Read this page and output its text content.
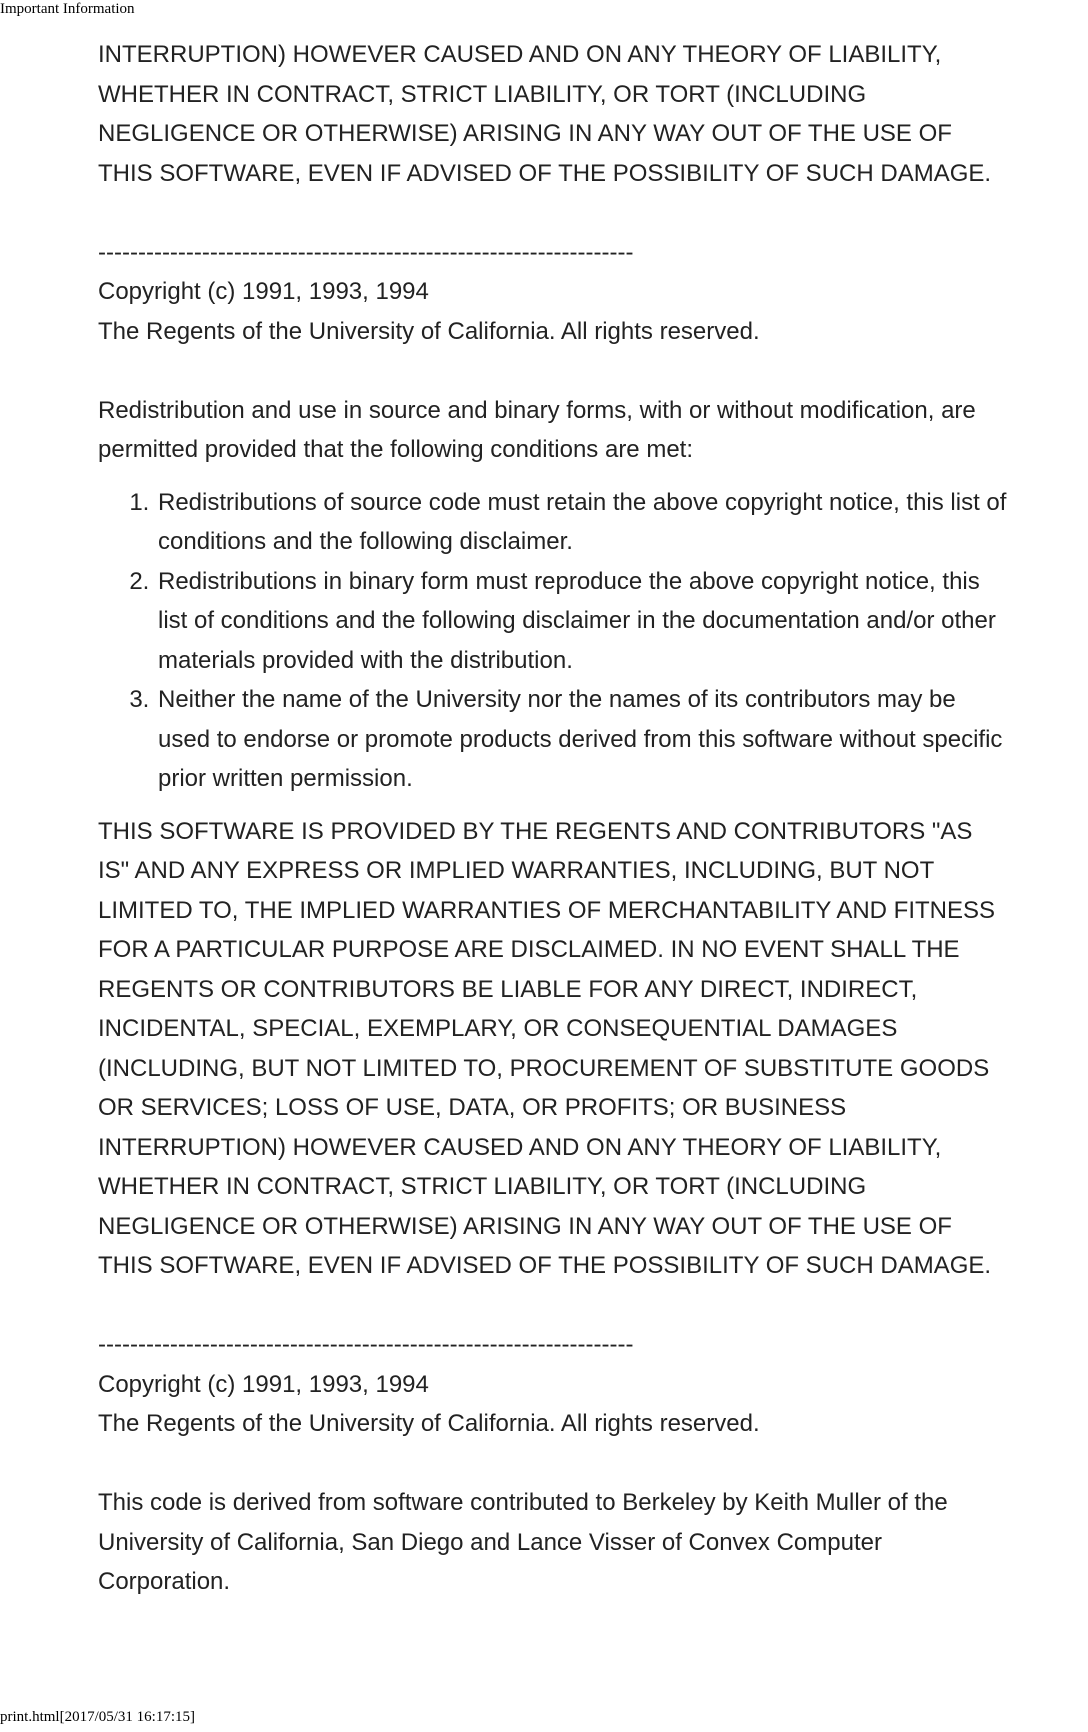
Important Information

INTERRUPTION) HOWEVER CAUSED AND ON ANY THEORY OF LIABILITY,
WHETHER IN CONTRACT, STRICT LIABILITY, OR TORT (INCLUDING
NEGLIGENCE OR OTHERWISE) ARISING IN ANY WAY OUT OF THE USE OF
THIS SOFTWARE, EVEN IF ADVISED OF THE POSSIBILITY OF SUCH DAMAGE.

-------------------------------------------------------------------
Copyright (c) 1991, 1993, 1994
The Regents of the University of California. All rights reserved.

Redistribution and use in source and binary forms, with or without modification, are
permitted provided that the following conditions are met:

1. Redistributions of source code must retain the above copyright notice, this list of
conditions and the following disclaimer.
2. Redistributions in binary form must reproduce the above copyright notice, this
list of conditions and the following disclaimer in the documentation and/or other
materials provided with the distribution.
3. Neither the name of the University nor the names of its contributors may be
used to endorse or promote products derived from this software without specific
prior written permission.

THIS SOFTWARE IS PROVIDED BY THE REGENTS AND CONTRIBUTORS "AS
IS" AND ANY EXPRESS OR IMPLIED WARRANTIES, INCLUDING, BUT NOT
LIMITED TO, THE IMPLIED WARRANTIES OF MERCHANTABILITY AND FITNESS
FOR A PARTICULAR PURPOSE ARE DISCLAIMED. IN NO EVENT SHALL THE
REGENTS OR CONTRIBUTORS BE LIABLE FOR ANY DIRECT, INDIRECT,
INCIDENTAL, SPECIAL, EXEMPLARY, OR CONSEQUENTIAL DAMAGES
(INCLUDING, BUT NOT LIMITED TO, PROCUREMENT OF SUBSTITUTE GOODS
OR SERVICES; LOSS OF USE, DATA, OR PROFITS; OR BUSINESS
INTERRUPTION) HOWEVER CAUSED AND ON ANY THEORY OF LIABILITY,
WHETHER IN CONTRACT, STRICT LIABILITY, OR TORT (INCLUDING
NEGLIGENCE OR OTHERWISE) ARISING IN ANY WAY OUT OF THE USE OF
THIS SOFTWARE, EVEN IF ADVISED OF THE POSSIBILITY OF SUCH DAMAGE.

-------------------------------------------------------------------
Copyright (c) 1991, 1993, 1994
The Regents of the University of California. All rights reserved.

This code is derived from software contributed to Berkeley by Keith Muller of the
University of California, San Diego and Lance Visser of Convex Computer
Corporation.

print.html[2017/05/31 16:17:15]
